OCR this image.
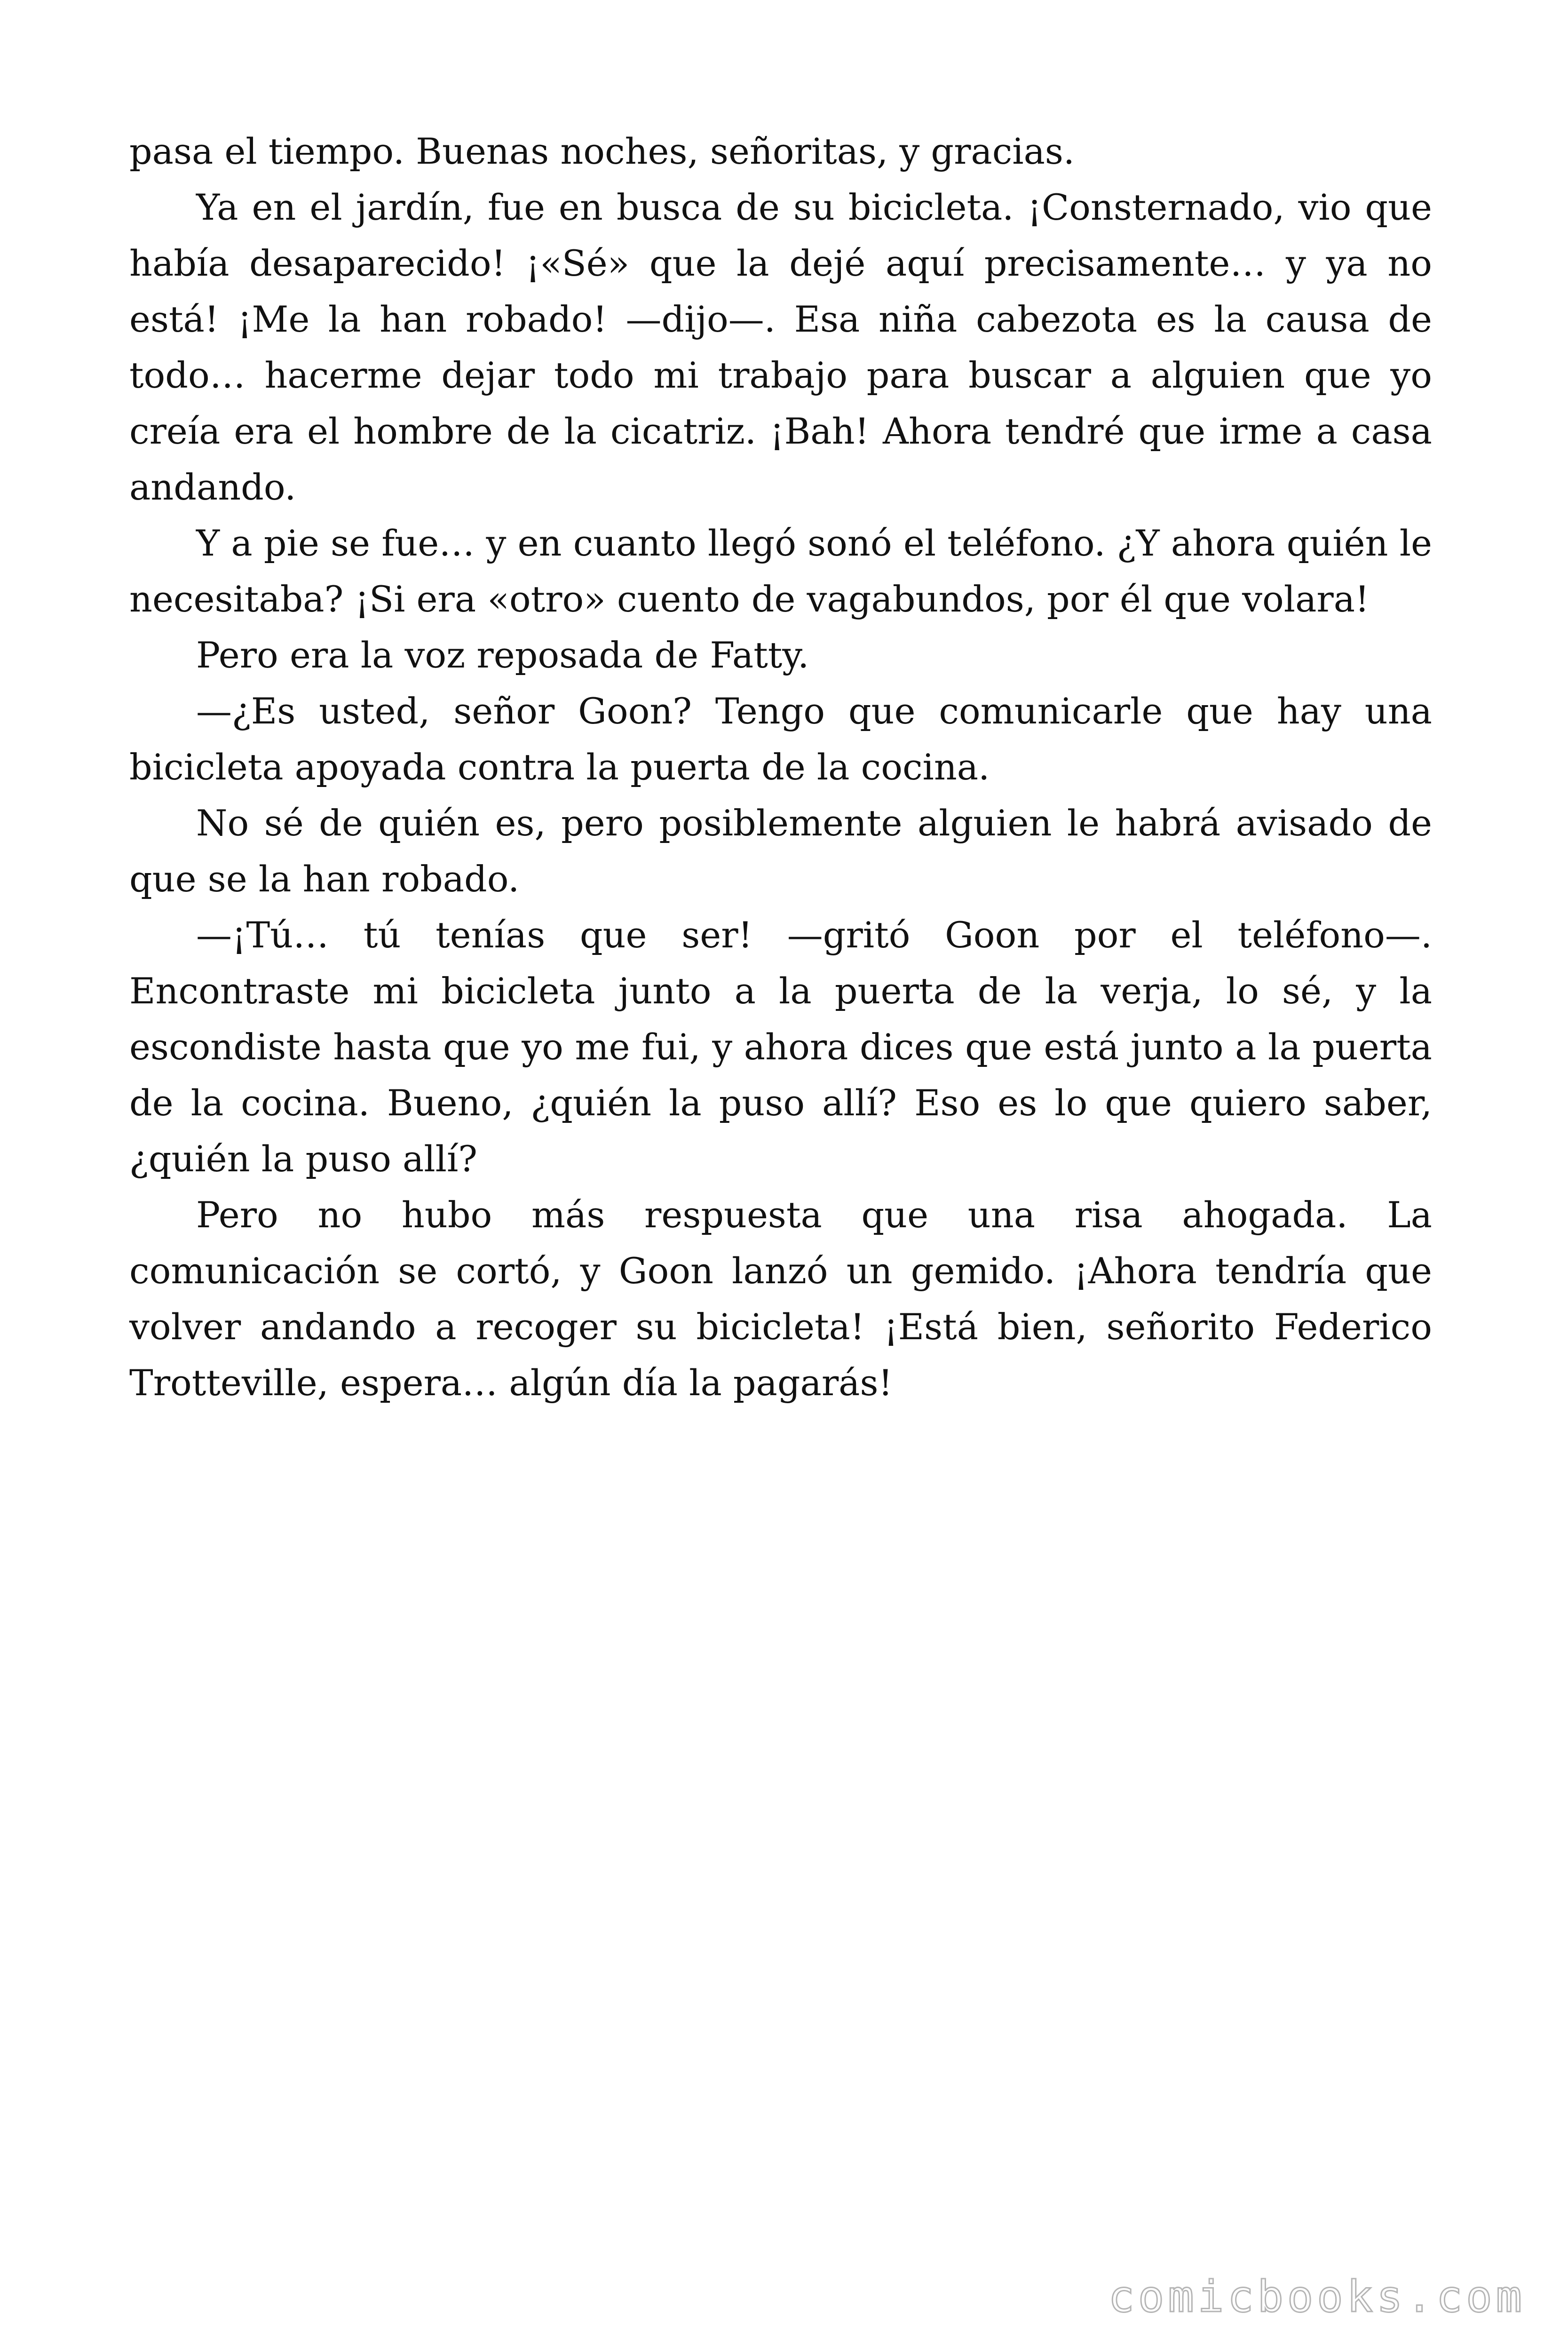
pasa el tiempo. Buenas noches, señoritas, y gracias.

Ya en el jardín, fue en busca de su bicicleta. ¡Consternado, vio que había desaparecido! ¡«Sé» que la dejé aquí precisamente… y ya no está! ¡Me la han robado! —dijo—. Esa niña cabezota es la causa de todo… hacerme dejar todo mi trabajo para buscar a alguien que yo creía era el hombre de la cicatriz. ¡Bah! Ahora tendré que irme a casa andando.

Y a pie se fue… y en cuanto llegó sonó el teléfono. ¿Y ahora quién le necesitaba? ¡Si era «otro» cuento de vagabundos, por él que volara!

Pero era la voz reposada de Fatty.

—¿Es usted, señor Goon? Tengo que comunicarle que hay una bicicleta apoyada contra la puerta de la cocina.

No sé de quién es, pero posiblemente alguien le habrá avisado de que se la han robado.

—¡Tú… tú tenías que ser! —gritó Goon por el teléfono—. Encontraste mi bicicleta junto a la puerta de la verja, lo sé, y la escondiste hasta que yo me fui, y ahora dices que está junto a la puerta de la cocina. Bueno, ¿quién la puso allí? Eso es lo que quiero saber, ¿quién la puso allí?

Pero no hubo más respuesta que una risa ahogada. La comunicación se cortó, y Goon lanzó un gemido. ¡Ahora tendría que volver andando a recoger su bicicleta! ¡Está bien, señorito Federico Trotteville, espera… algún día la pagarás!

comicbooks.com
